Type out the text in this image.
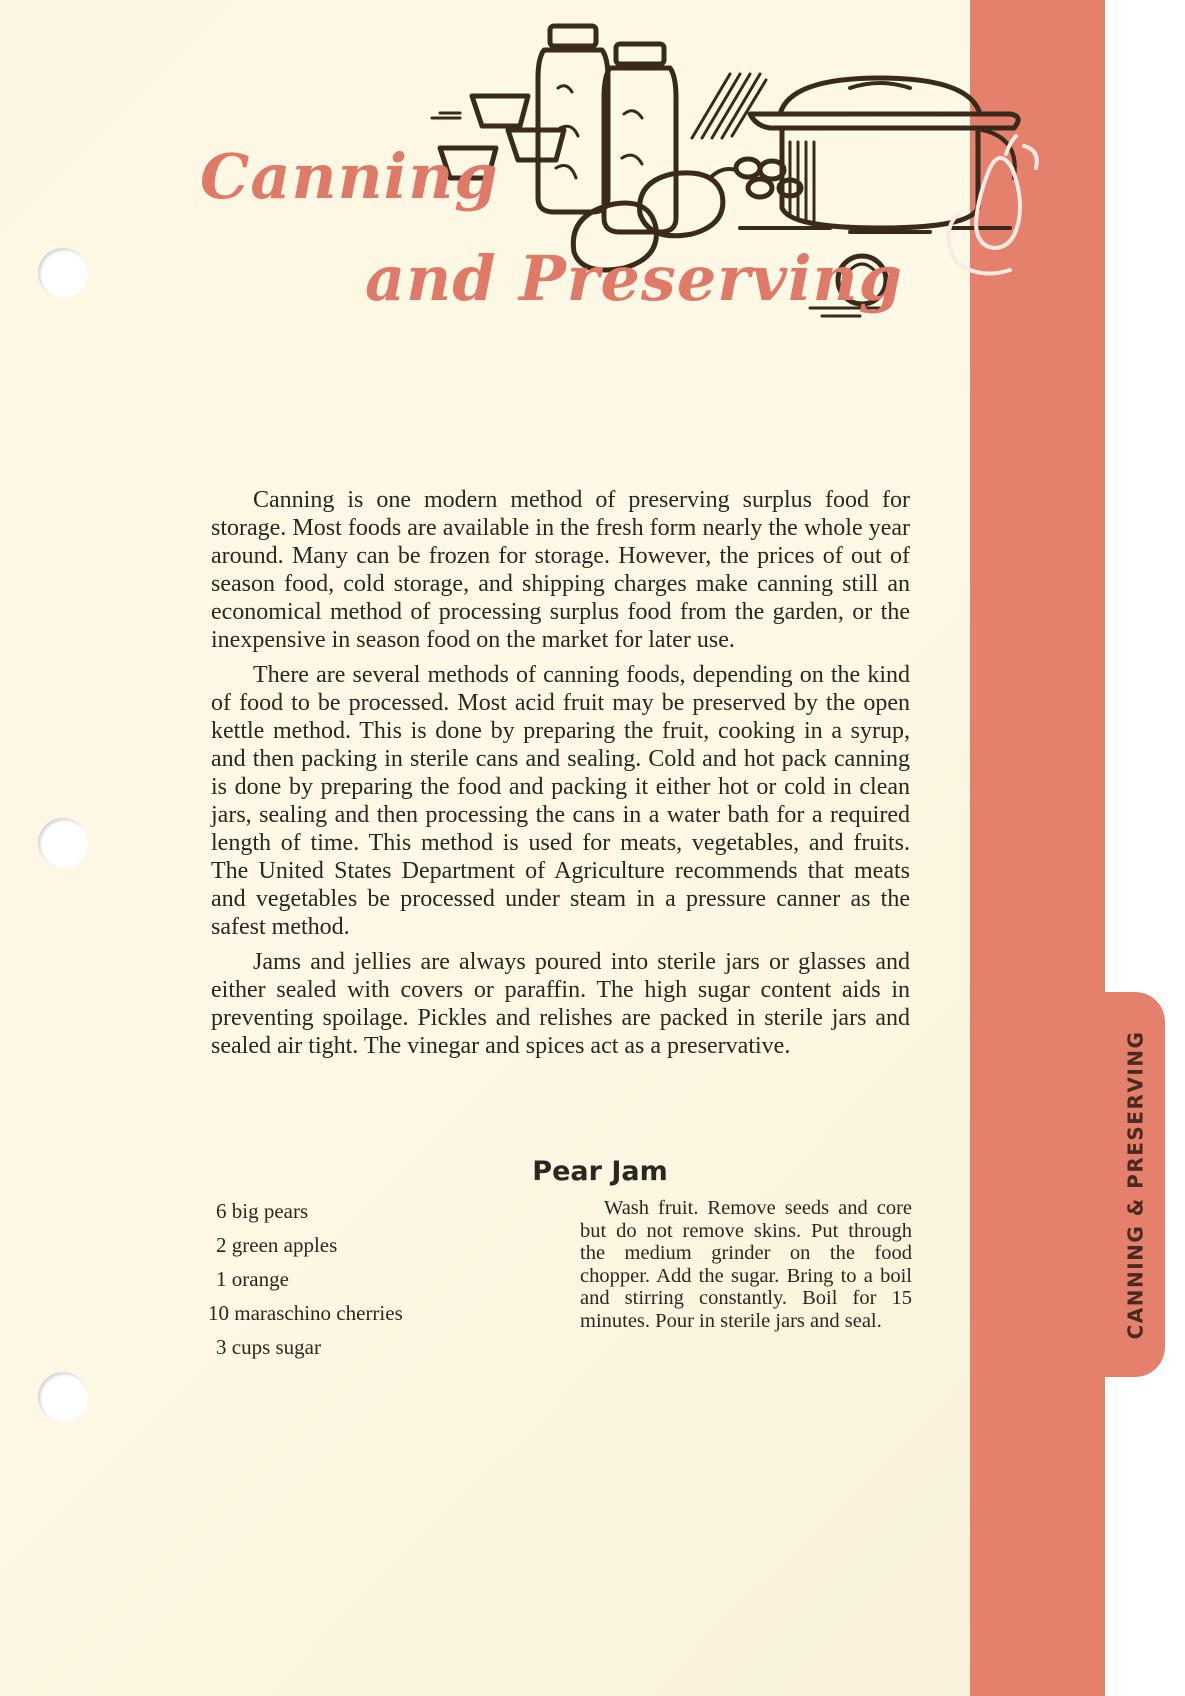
CANNING & PRESERVING
Canning
and Preserving

Canning is one modern method of preserving surplus food for storage. Most foods are available in the fresh form nearly the whole year around. Many can be frozen for storage. However, the prices of out of season food, cold storage, and shipping charges make canning still an economical method of processing surplus food from the garden, or the inexpensive in season food on the market for later use.

There are several methods of canning foods, depending on the kind of food to be processed. Most acid fruit may be preserved by the open kettle method. This is done by preparing the fruit, cooking in a syrup, and then packing in sterile cans and sealing. Cold and hot pack canning is done by preparing the food and packing it either hot or cold in clean jars, sealing and then processing the cans in a water bath for a required length of time. This method is used for meats, vegetables, and fruits. The United States Department of Agriculture recommends that meats and vegetables be processed under steam in a pressure canner as the safest method.

Jams and jellies are always poured into sterile jars or glasses and either sealed with covers or paraffin. The high sugar content aids in preventing spoilage. Pickles and relishes are packed in sterile jars and sealed air tight. The vinegar and spices act as a preservative.

Pear Jam
6 big pears
2 green apples
1 orange
10 maraschino cherries
3 cups sugar

Wash fruit. Remove seeds and core but do not remove skins. Put through the medium grinder on the food chopper. Add the sugar. Bring to a boil and stirring constantly. Boil for 15 minutes. Pour in sterile jars and seal.
